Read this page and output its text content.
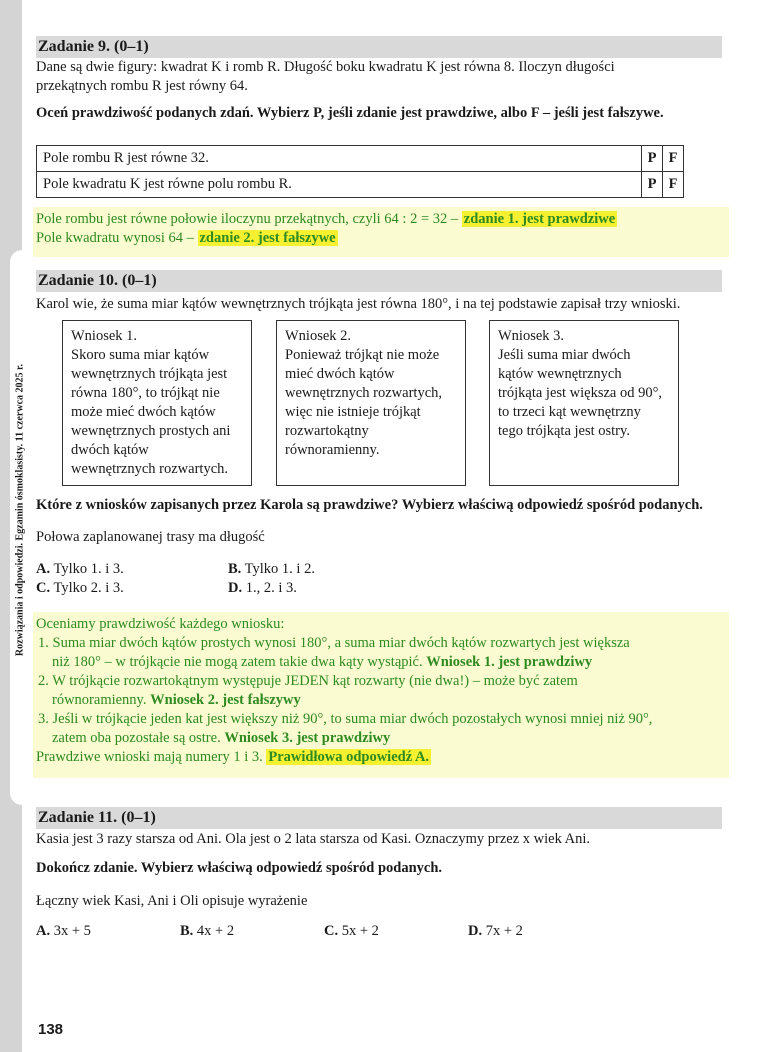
Rozwiązania i odpowiedzi. Egzamin ósmoklasisty. 11 czerwca 2025 r.
Zadanie 9. (0–1)
Dane są dwie figury: kwadrat K i romb R. Długość boku kwadratu K jest równa 8. Iloczyn długości
przekątnych rombu R jest równy 64.
Oceń prawdziwość podanych zdań. Wybierz P, jeśli zdanie jest prawdziwe, albo F – jeśli jest fałszywe.
Pole rombu R jest równe 32.	P	F
Pole kwadratu K jest równe polu rombu R.	P	F
Pole rombu jest równe połowie iloczynu przekątnych, czyli 64 : 2 = 32 – zdanie 1. jest prawdziwe
Pole kwadratu wynosi 64 – zdanie 2. jest fałszywe
Zadanie 10. (0–1)
Karol wie, że suma miar kątów wewnętrznych trójkąta jest równa 180°, i na tej podstawie zapisał trzy wnioski.
Wniosek 1.
Skoro suma miar kątów
wewnętrznych trójkąta jest
równa 180°, to trójkąt nie
może mieć dwóch kątów
wewnętrznych prostych ani
dwóch kątów
wewnętrznych rozwartych.
Wniosek 2.
Ponieważ trójkąt nie może
mieć dwóch kątów
wewnętrznych rozwartych,
więc nie istnieje trójkąt
rozwartokątny
równoramienny.
Wniosek 3.
Jeśli suma miar dwóch
kątów wewnętrznych
trójkąta jest większa od 90°,
to trzeci kąt wewnętrzny
tego trójkąta jest ostry.
Które z wniosków zapisanych przez Karola są prawdziwe? Wybierz właściwą odpowiedź spośród podanych.
Połowa zaplanowanej trasy ma długość
A. Tylko 1. i 3.	B. Tylko 1. i 2.
C. Tylko 2. i 3.	D. 1., 2. i 3.
Oceniamy prawdziwość każdego wniosku:
1. Suma miar dwóch kątów prostych wynosi 180°, a suma miar dwóch kątów rozwartych jest większa
niż 180° – w trójkącie nie mogą zatem takie dwa kąty wystąpić. Wniosek 1. jest prawdziwy
2. W trójkącie rozwartokątnym występuje JEDEN kąt rozwarty (nie dwa!) – może być zatem
równoramienny. Wniosek 2. jest fałszywy
3. Jeśli w trójkącie jeden kat jest większy niż 90°, to suma miar dwóch pozostałych wynosi mniej niż 90°,
zatem oba pozostałe są ostre. Wniosek 3. jest prawdziwy
Prawdziwe wnioski mają numery 1 i 3. Prawidłowa odpowiedź A.
Zadanie 11. (0–1)
Kasia jest 3 razy starsza od Ani. Ola jest o 2 lata starsza od Kasi. Oznaczymy przez x wiek Ani.
Dokończ zdanie. Wybierz właściwą odpowiedź spośród podanych.
Łączny wiek Kasi, Ani i Oli opisuje wyrażenie
A. 3x + 5	B. 4x + 2	C. 5x + 2	D. 7x + 2
138
